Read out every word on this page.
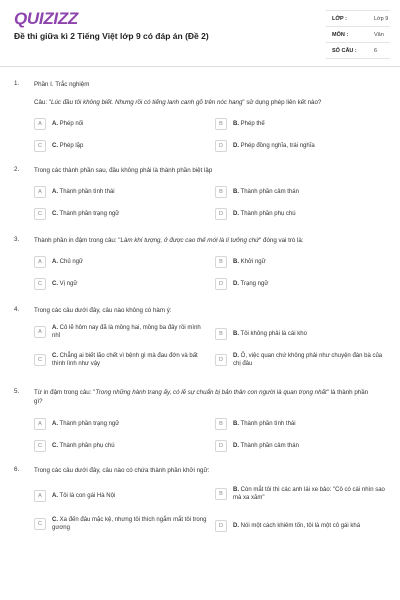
QUIZIZZ
Đề thi giữa kì 2 Tiếng Việt lớp 9 có đáp án (Đề 2)
LỚP :	Lớp 9
MÔN :	Văn
SỐ CÂU :	6
1. Phần I. Trắc nghiệm
Câu: "Lúc đầu tôi không biết. Nhưng rồi có tiếng lanh canh gõ trên nóc hang" sử dụng phép liên kết nào?
A	A. Phép nối	B	B. Phép thế
C	C. Phép lặp	D	D. Phép đồng nghĩa, trái nghĩa
2. Trong các thành phần sau, đâu không phải là thành phần biệt lập
A	A. Thành phần tình thái	B	B. Thành phần cảm thán
C	C. Thành phần trạng ngữ	D	D. Thành phần phụ chú
3. Thành phần in đậm trong câu: "Làm khí tượng, ở được cao thế mới là lí tưởng chứ" đóng vai trò là:
A	A. Chủ ngữ	B	B. Khởi ngữ
C	C. Vị ngữ	D	D. Trạng ngữ
4. Trong các câu dưới đây, câu nào không có hàm ý:
A
A. Cô lẽ hôm nay đã là mồng hai, mồng ba đây rồi mình nhỉ	B	B. Tôi không phải là cái kho
C
C. Chẳng ai biết lão chết vì bệnh gì mà đau đớn và bất thình lình như vậy
D
D. Ô, việc quan chứ không phải như chuyện đàn bà của chị đâu
5. Từ in đậm trong câu: "Trong những hành trang ấy, có lẽ sự chuẩn bị bản thân con người là quan trọng nhất" là thành phần gì?
A	A. Thành phần trạng ngữ	B	B. Thành phần tình thái
C	C. Thành phần phụ chú	D	D. Thành phần cảm thán
6. Trong các câu dưới đây, câu nào có chứa thành phần khởi ngữ:
A	A. Tôi là con gái Hà Nội	B
B. Còn mắt tôi thì các anh lái xe bảo: "Cô có cái nhìn sao mà xa xăm"
C
C. Xa đến đâu mặc kệ, nhưng tôi thích ngắm mắt tôi trong gương	D	D. Nói một cách khiêm tốn, tôi là một cô gái khá
